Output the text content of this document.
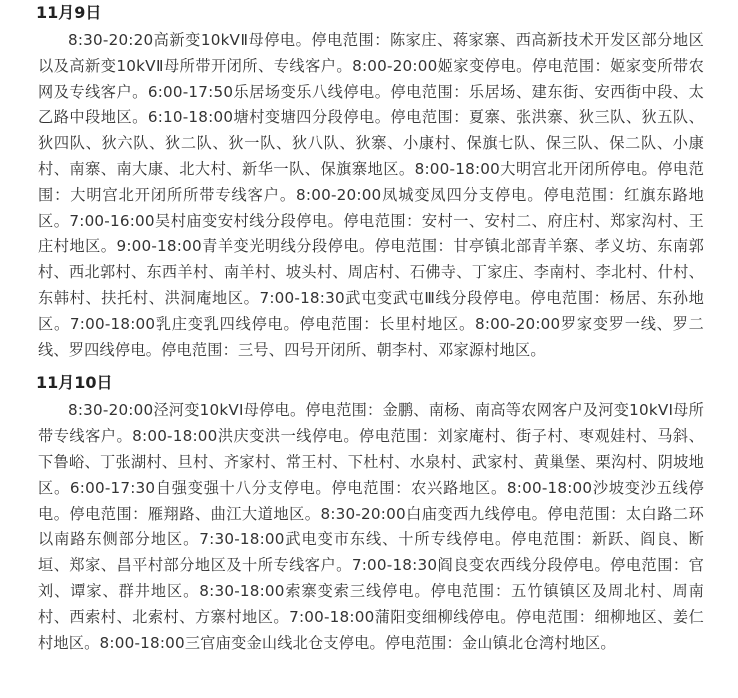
11月9日

8:30-20:20高新变10kVⅡ母停电。停电范围：陈家庄、蒋家寨、西高新技术开发区部分地区以及高新变10kVⅡ母所带开闭所、专线客户。8:00-20:00姬家变停电。停电范围：姬家变所带农网及专线客户。6:00-17:50乐居场变乐八线停电。停电范围：乐居场、建东街、安西街中段、太乙路中段地区。6:10-18:00塘村变塘四分段停电。停电范围：夏寨、张洪寨、狄三队、狄五队、狄四队、狄六队、狄二队、狄一队、狄八队、狄寨、小康村、保旗七队、保三队、保二队、小康村、南寨、南大康、北大村、新华一队、保旗寨地区。8:00-18:00大明宫北开闭所停电。停电范围：大明宫北开闭所所带专线客户。8:00-20:00凤城变凤四分支停电。停电范围：红旗东路地区。7:00-16:00吴村庙变安村线分段停电。停电范围：安村一、安村二、府庄村、郑家沟村、王庄村地区。9:00-18:00青羊变光明线分段停电。停电范围：甘亭镇北部青羊寨、孝义坊、东南郭村、西北郭村、东西羊村、南羊村、坡头村、周店村、石佛寺、丁家庄、李南村、李北村、什村、东韩村、扶托村、洪洞庵地区。7:00-18:30武屯变武屯Ⅲ线分段停电。停电范围：杨居、东孙地区。7:00-18:00乳庄变乳四线停电。停电范围：长里村地区。8:00-20:00罗家变罗一线、罗二线、罗四线停电。停电范围：三号、四号开闭所、朝李村、邓家源村地区。

11月10日

8:30-20:00泾河变10kVⅠ母停电。停电范围：金鹏、南杨、南高等农网客户及河变10kVⅠ母所带专线客户。8:00-18:00洪庆变洪一线停电。停电范围：刘家庵村、街子村、枣观娃村、马斜、下鲁峪、丁张湖村、旦村、齐家村、常王村、下杜村、水泉村、武家村、黄巢堡、栗沟村、阴坡地区。6:00-17:30自强变强十八分支停电。停电范围：农兴路地区。8:00-18:00沙坡变沙五线停电。停电范围：雁翔路、曲江大道地区。8:30-20:00白庙变西九线停电。停电范围：太白路二环以南路东侧部分地区。7:30-18:00武电变市东线、十所专线停电。停电范围：新跃、阎良、断垣、郑家、昌平村部分地区及十所专线客户。7:00-18:30阎良变农西线分段停电。停电范围：官刘、谭家、群井地区。8:30-18:00索寨变索三线停电。停电范围：五竹镇镇区及周北村、周南村、西索村、北索村、方寨村地区。7:00-18:00蒲阳变细柳线停电。停电范围：细柳地区、姜仁村地区。8:00-18:00三官庙变金山线北仓支停电。停电范围：金山镇北仓湾村地区。
